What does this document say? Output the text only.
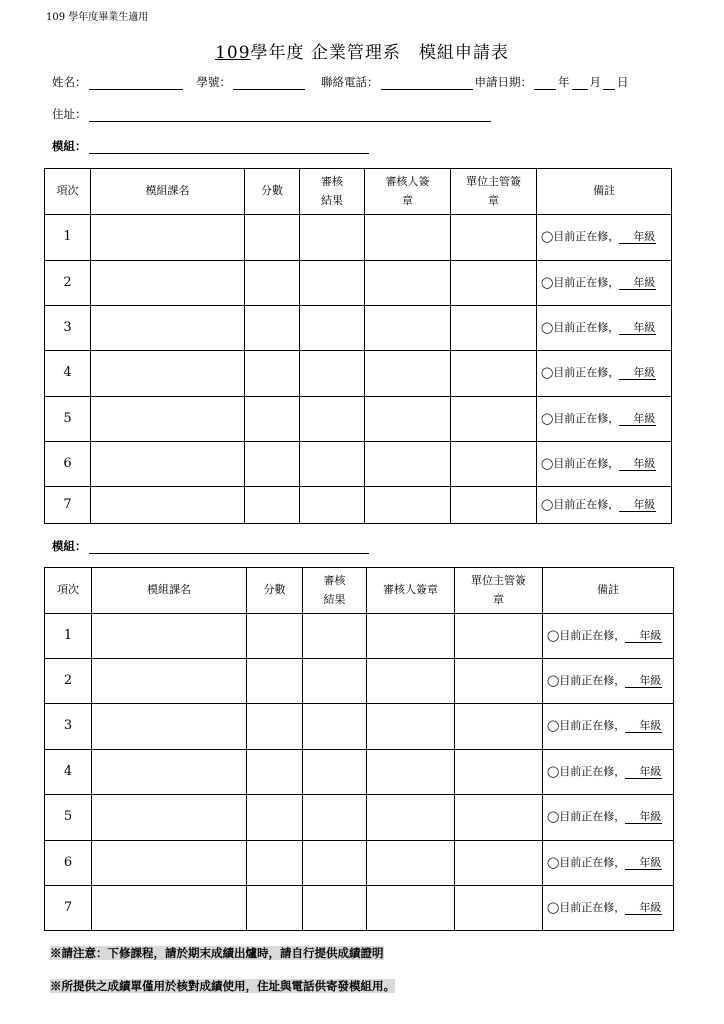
109 學年度畢業生適用
109學年度 企業管理系　模組申請表
姓名：	學號：	聯絡電話：	申請日期： 年 月 日
住址：
模組：
項次	模組課名	分數	審核結果	審核人簽章	單位主管簽章	備註
1						◯目前正在修， 年級
2						◯目前正在修， 年級
3						◯目前正在修， 年級
4						◯目前正在修， 年級
5						◯目前正在修， 年級
6						◯目前正在修， 年級
7						◯目前正在修， 年級
模組：
項次	模組課名	分數	審核結果	審核人簽章	單位主管簽章	備註
1						◯目前正在修， 年級
2						◯目前正在修， 年級
3						◯目前正在修， 年級
4						◯目前正在修， 年級
5						◯目前正在修， 年級
6						◯目前正在修， 年級
7						◯目前正在修， 年級
※請注意：下修課程，請於期末成績出爐時，請自行提供成績證明
※所提供之成績單僅用於核對成績使用，住址與電話供寄發模組用。
